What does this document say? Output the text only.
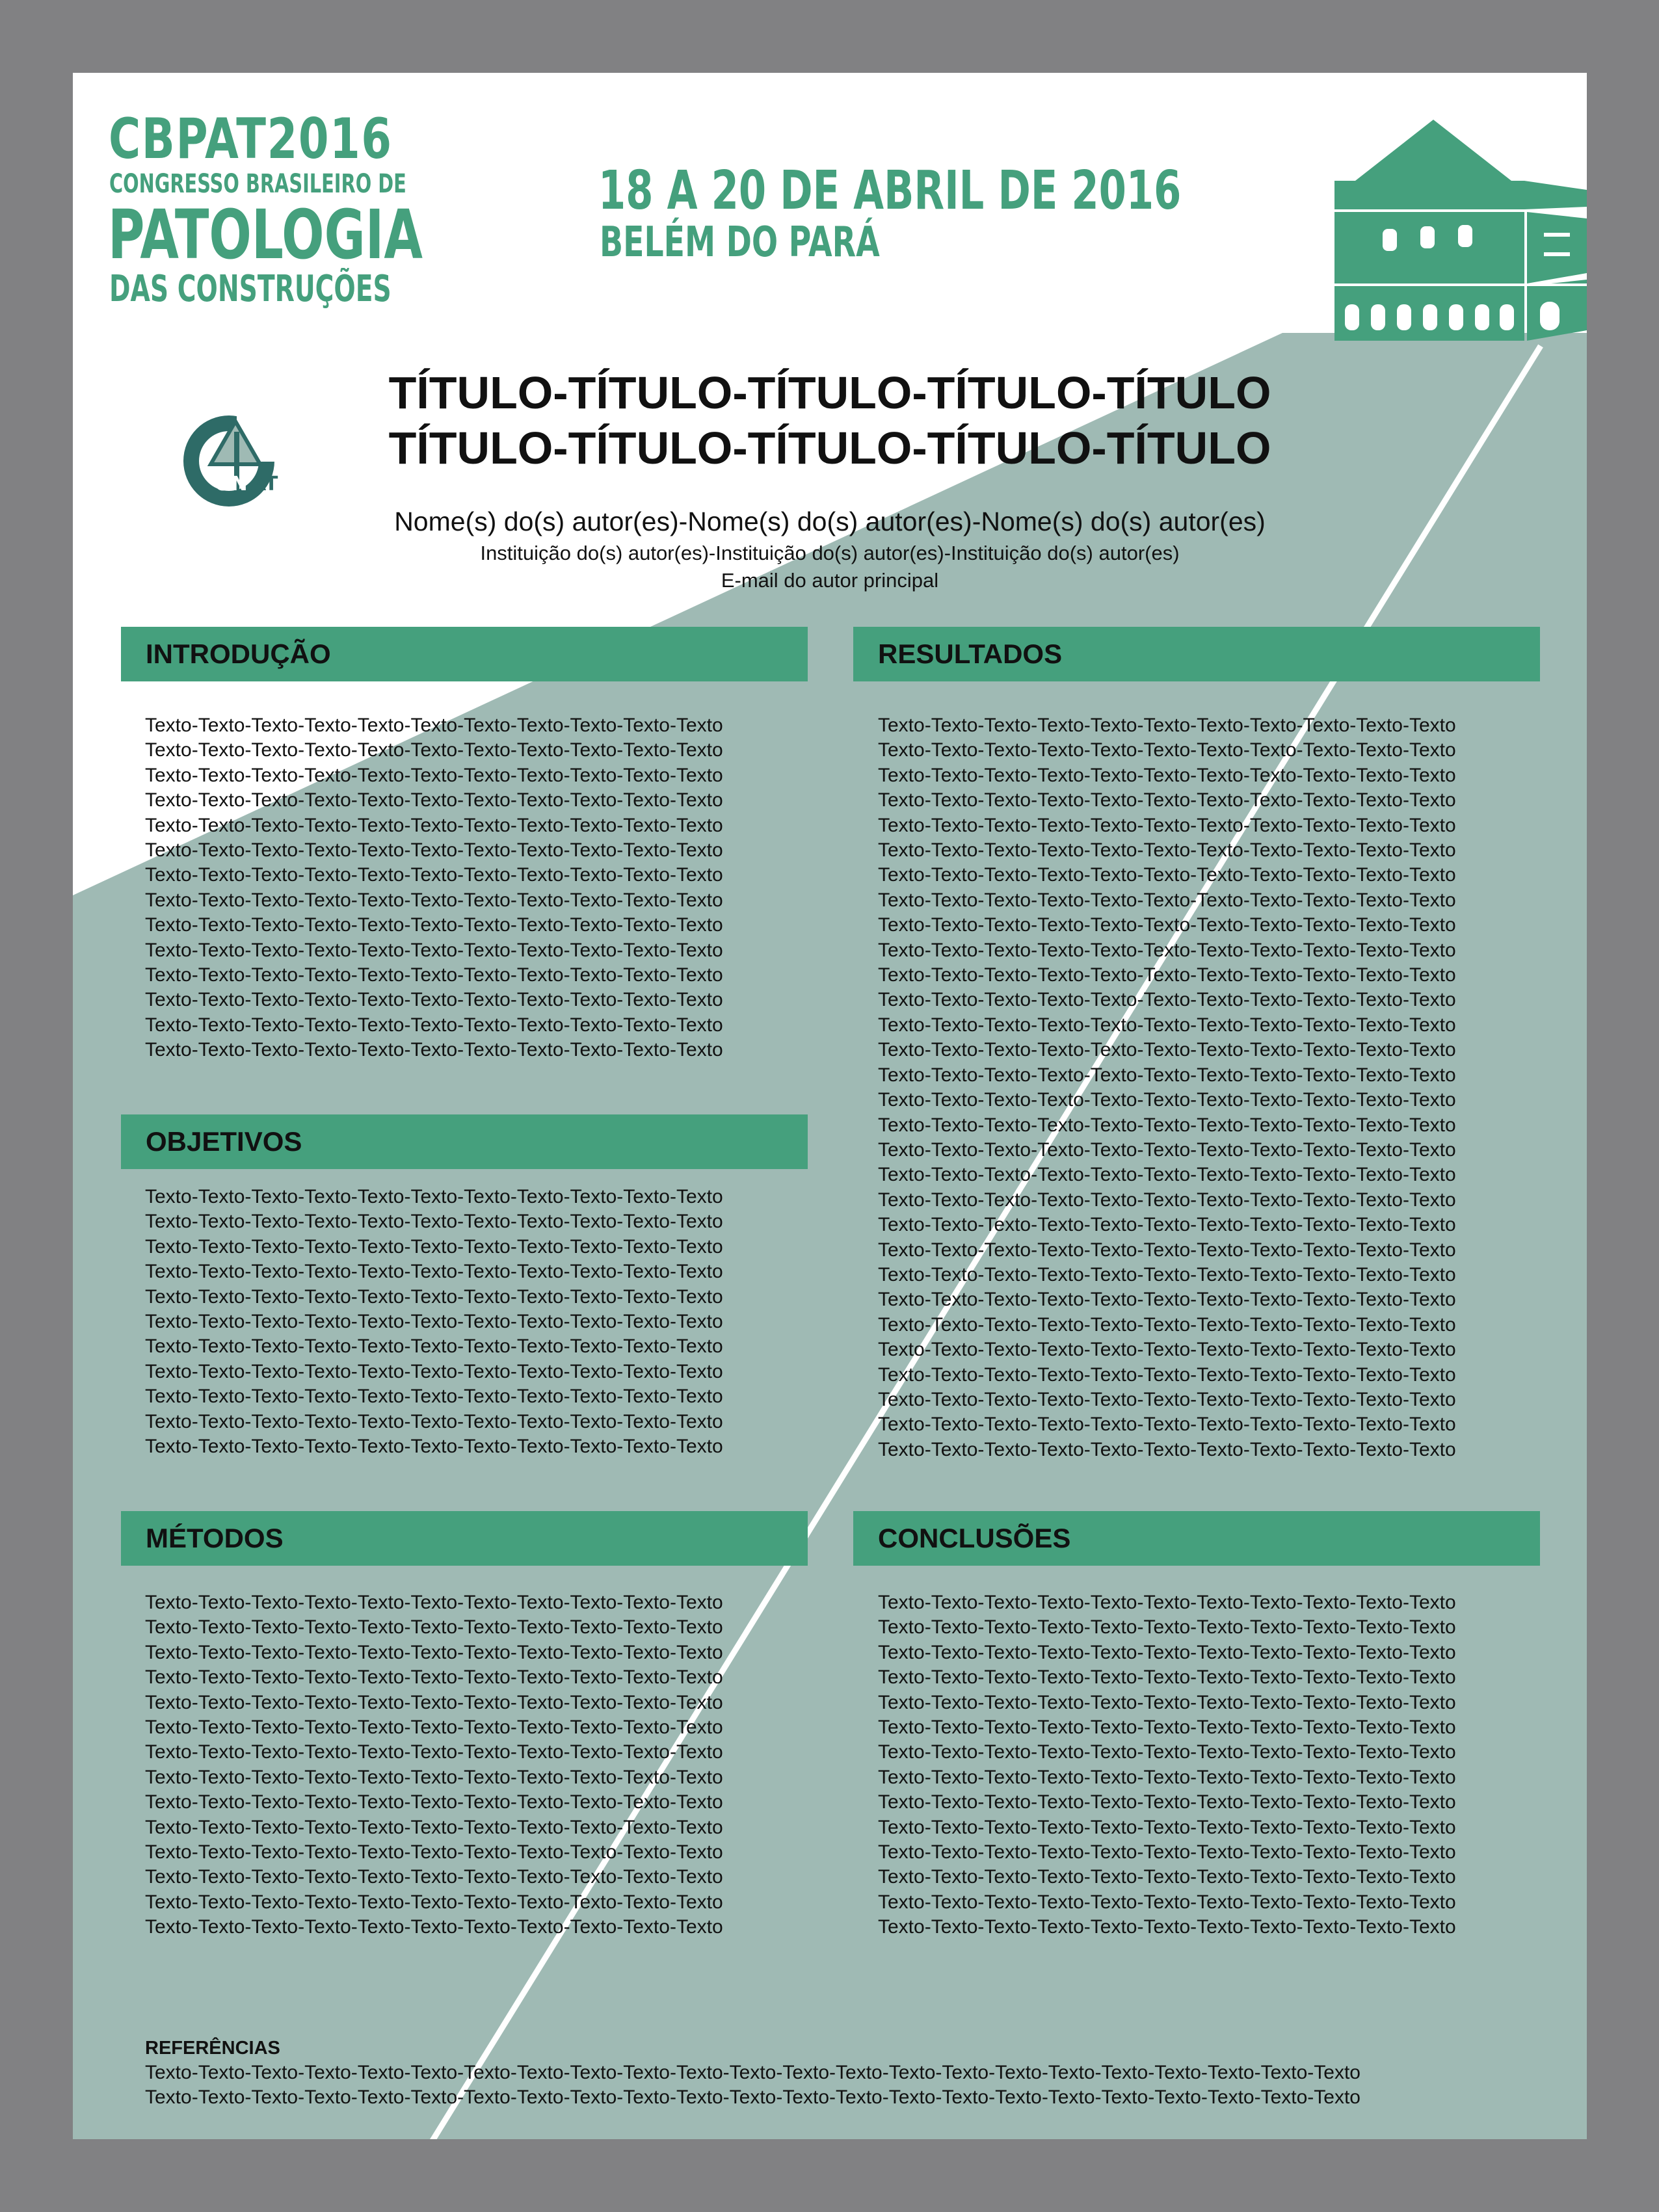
CBPAT2016
CONGRESSO BRASILEIRO DE
PATOLOGIA
DAS CONSTRUÇÕES
18 A 20 DE ABRIL DE 2016
BELÉM DO PARÁ
ON AT
TÍTULO-TÍTULO-TÍTULO-TÍTULO-TÍTULO
TÍTULO-TÍTULO-TÍTULO-TÍTULO-TÍTULO
Nome(s) do(s) autor(es)-Nome(s) do(s) autor(es)-Nome(s) do(s) autor(es)
Instituição do(s) autor(es)-Instituição do(s) autor(es)-Instituição do(s) autor(es)
E-mail do autor principal
INTRODUÇÃO
Texto-Texto-Texto-Texto-Texto-Texto-Texto-Texto-Texto-Texto-Texto
Texto-Texto-Texto-Texto-Texto-Texto-Texto-Texto-Texto-Texto-Texto
Texto-Texto-Texto-Texto-Texto-Texto-Texto-Texto-Texto-Texto-Texto
Texto-Texto-Texto-Texto-Texto-Texto-Texto-Texto-Texto-Texto-Texto
Texto-Texto-Texto-Texto-Texto-Texto-Texto-Texto-Texto-Texto-Texto
Texto-Texto-Texto-Texto-Texto-Texto-Texto-Texto-Texto-Texto-Texto
Texto-Texto-Texto-Texto-Texto-Texto-Texto-Texto-Texto-Texto-Texto
Texto-Texto-Texto-Texto-Texto-Texto-Texto-Texto-Texto-Texto-Texto
Texto-Texto-Texto-Texto-Texto-Texto-Texto-Texto-Texto-Texto-Texto
Texto-Texto-Texto-Texto-Texto-Texto-Texto-Texto-Texto-Texto-Texto
Texto-Texto-Texto-Texto-Texto-Texto-Texto-Texto-Texto-Texto-Texto
Texto-Texto-Texto-Texto-Texto-Texto-Texto-Texto-Texto-Texto-Texto
Texto-Texto-Texto-Texto-Texto-Texto-Texto-Texto-Texto-Texto-Texto
Texto-Texto-Texto-Texto-Texto-Texto-Texto-Texto-Texto-Texto-Texto
OBJETIVOS
Texto-Texto-Texto-Texto-Texto-Texto-Texto-Texto-Texto-Texto-Texto
Texto-Texto-Texto-Texto-Texto-Texto-Texto-Texto-Texto-Texto-Texto
Texto-Texto-Texto-Texto-Texto-Texto-Texto-Texto-Texto-Texto-Texto
Texto-Texto-Texto-Texto-Texto-Texto-Texto-Texto-Texto-Texto-Texto
Texto-Texto-Texto-Texto-Texto-Texto-Texto-Texto-Texto-Texto-Texto
Texto-Texto-Texto-Texto-Texto-Texto-Texto-Texto-Texto-Texto-Texto
Texto-Texto-Texto-Texto-Texto-Texto-Texto-Texto-Texto-Texto-Texto
Texto-Texto-Texto-Texto-Texto-Texto-Texto-Texto-Texto-Texto-Texto
Texto-Texto-Texto-Texto-Texto-Texto-Texto-Texto-Texto-Texto-Texto
Texto-Texto-Texto-Texto-Texto-Texto-Texto-Texto-Texto-Texto-Texto
Texto-Texto-Texto-Texto-Texto-Texto-Texto-Texto-Texto-Texto-Texto
MÉTODOS
Texto-Texto-Texto-Texto-Texto-Texto-Texto-Texto-Texto-Texto-Texto
Texto-Texto-Texto-Texto-Texto-Texto-Texto-Texto-Texto-Texto-Texto
Texto-Texto-Texto-Texto-Texto-Texto-Texto-Texto-Texto-Texto-Texto
Texto-Texto-Texto-Texto-Texto-Texto-Texto-Texto-Texto-Texto-Texto
Texto-Texto-Texto-Texto-Texto-Texto-Texto-Texto-Texto-Texto-Texto
Texto-Texto-Texto-Texto-Texto-Texto-Texto-Texto-Texto-Texto-Texto
Texto-Texto-Texto-Texto-Texto-Texto-Texto-Texto-Texto-Texto-Texto
Texto-Texto-Texto-Texto-Texto-Texto-Texto-Texto-Texto-Texto-Texto
Texto-Texto-Texto-Texto-Texto-Texto-Texto-Texto-Texto-Texto-Texto
Texto-Texto-Texto-Texto-Texto-Texto-Texto-Texto-Texto-Texto-Texto
Texto-Texto-Texto-Texto-Texto-Texto-Texto-Texto-Texto-Texto-Texto
Texto-Texto-Texto-Texto-Texto-Texto-Texto-Texto-Texto-Texto-Texto
Texto-Texto-Texto-Texto-Texto-Texto-Texto-Texto-Texto-Texto-Texto
Texto-Texto-Texto-Texto-Texto-Texto-Texto-Texto-Texto-Texto-Texto
RESULTADOS
Texto-Texto-Texto-Texto-Texto-Texto-Texto-Texto-Texto-Texto-Texto
Texto-Texto-Texto-Texto-Texto-Texto-Texto-Texto-Texto-Texto-Texto
Texto-Texto-Texto-Texto-Texto-Texto-Texto-Texto-Texto-Texto-Texto
Texto-Texto-Texto-Texto-Texto-Texto-Texto-Texto-Texto-Texto-Texto
Texto-Texto-Texto-Texto-Texto-Texto-Texto-Texto-Texto-Texto-Texto
Texto-Texto-Texto-Texto-Texto-Texto-Texto-Texto-Texto-Texto-Texto
Texto-Texto-Texto-Texto-Texto-Texto-Texto-Texto-Texto-Texto-Texto
Texto-Texto-Texto-Texto-Texto-Texto-Texto-Texto-Texto-Texto-Texto
Texto-Texto-Texto-Texto-Texto-Texto-Texto-Texto-Texto-Texto-Texto
Texto-Texto-Texto-Texto-Texto-Texto-Texto-Texto-Texto-Texto-Texto
Texto-Texto-Texto-Texto-Texto-Texto-Texto-Texto-Texto-Texto-Texto
Texto-Texto-Texto-Texto-Texto-Texto-Texto-Texto-Texto-Texto-Texto
Texto-Texto-Texto-Texto-Texto-Texto-Texto-Texto-Texto-Texto-Texto
Texto-Texto-Texto-Texto-Texto-Texto-Texto-Texto-Texto-Texto-Texto
Texto-Texto-Texto-Texto-Texto-Texto-Texto-Texto-Texto-Texto-Texto
Texto-Texto-Texto-Texto-Texto-Texto-Texto-Texto-Texto-Texto-Texto
Texto-Texto-Texto-Texto-Texto-Texto-Texto-Texto-Texto-Texto-Texto
Texto-Texto-Texto-Texto-Texto-Texto-Texto-Texto-Texto-Texto-Texto
Texto-Texto-Texto-Texto-Texto-Texto-Texto-Texto-Texto-Texto-Texto
Texto-Texto-Texto-Texto-Texto-Texto-Texto-Texto-Texto-Texto-Texto
Texto-Texto-Texto-Texto-Texto-Texto-Texto-Texto-Texto-Texto-Texto
Texto-Texto-Texto-Texto-Texto-Texto-Texto-Texto-Texto-Texto-Texto
Texto-Texto-Texto-Texto-Texto-Texto-Texto-Texto-Texto-Texto-Texto
Texto-Texto-Texto-Texto-Texto-Texto-Texto-Texto-Texto-Texto-Texto
Texto-Texto-Texto-Texto-Texto-Texto-Texto-Texto-Texto-Texto-Texto
Texto-Texto-Texto-Texto-Texto-Texto-Texto-Texto-Texto-Texto-Texto
Texto-Texto-Texto-Texto-Texto-Texto-Texto-Texto-Texto-Texto-Texto
Texto-Texto-Texto-Texto-Texto-Texto-Texto-Texto-Texto-Texto-Texto
Texto-Texto-Texto-Texto-Texto-Texto-Texto-Texto-Texto-Texto-Texto
Texto-Texto-Texto-Texto-Texto-Texto-Texto-Texto-Texto-Texto-Texto
CONCLUSÕES
Texto-Texto-Texto-Texto-Texto-Texto-Texto-Texto-Texto-Texto-Texto
Texto-Texto-Texto-Texto-Texto-Texto-Texto-Texto-Texto-Texto-Texto
Texto-Texto-Texto-Texto-Texto-Texto-Texto-Texto-Texto-Texto-Texto
Texto-Texto-Texto-Texto-Texto-Texto-Texto-Texto-Texto-Texto-Texto
Texto-Texto-Texto-Texto-Texto-Texto-Texto-Texto-Texto-Texto-Texto
Texto-Texto-Texto-Texto-Texto-Texto-Texto-Texto-Texto-Texto-Texto
Texto-Texto-Texto-Texto-Texto-Texto-Texto-Texto-Texto-Texto-Texto
Texto-Texto-Texto-Texto-Texto-Texto-Texto-Texto-Texto-Texto-Texto
Texto-Texto-Texto-Texto-Texto-Texto-Texto-Texto-Texto-Texto-Texto
Texto-Texto-Texto-Texto-Texto-Texto-Texto-Texto-Texto-Texto-Texto
Texto-Texto-Texto-Texto-Texto-Texto-Texto-Texto-Texto-Texto-Texto
Texto-Texto-Texto-Texto-Texto-Texto-Texto-Texto-Texto-Texto-Texto
Texto-Texto-Texto-Texto-Texto-Texto-Texto-Texto-Texto-Texto-Texto
Texto-Texto-Texto-Texto-Texto-Texto-Texto-Texto-Texto-Texto-Texto
REFERÊNCIAS
Texto-Texto-Texto-Texto-Texto-Texto-Texto-Texto-Texto-Texto-Texto-Texto-Texto-Texto-Texto-Texto-Texto-Texto-Texto-Texto-Texto-Texto-Texto
Texto-Texto-Texto-Texto-Texto-Texto-Texto-Texto-Texto-Texto-Texto-Texto-Texto-Texto-Texto-Texto-Texto-Texto-Texto-Texto-Texto-Texto-Texto
